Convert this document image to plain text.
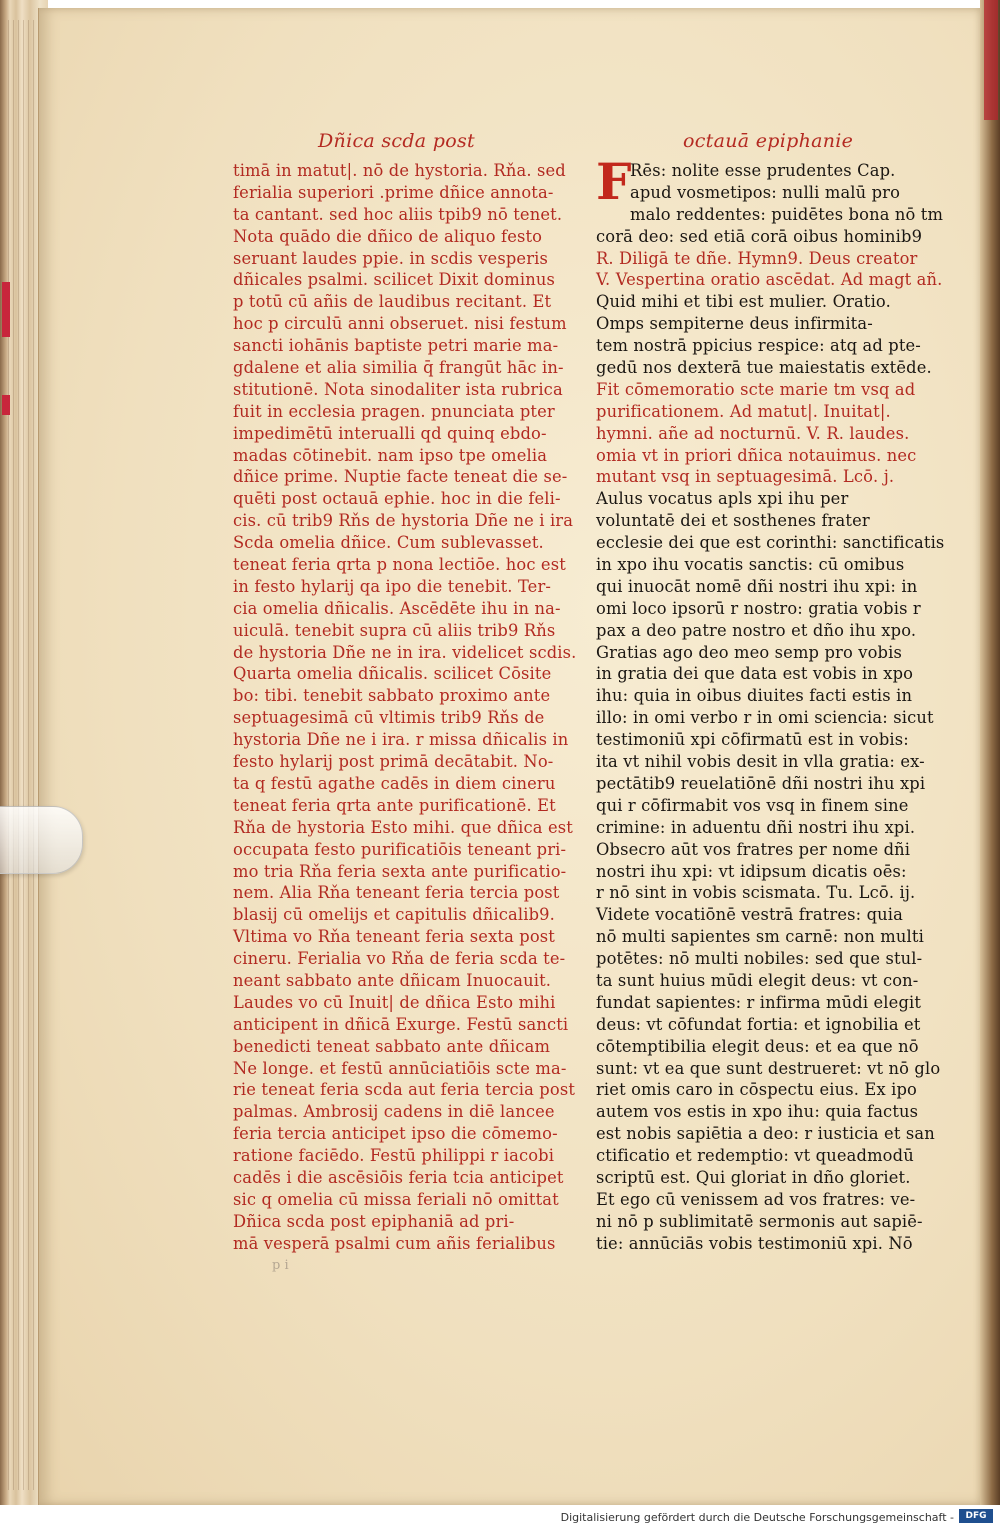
Dñica scda post	octauā epiphanie
timā in matut|. nō de hystoria. Rňa. sed
ferialia superiori .prime dñice annota-
ta cantant. sed hoc aliis tpib9 nō tenet.
Nota quādo die dñico de aliquo festo
seruant laudes ppie. in scdis vesperis
dñicales psalmi. scilicet Dixit dominus
p totū cū añis de laudibus recitant. Et
hoc p circulū anni obseruet. nisi festum
sancti iohānis baptiste petri marie ma-
gdalene et alia similia q̄ frangūt hāc in-
stitutionē. Nota sinodaliter ista rubrica
fuit in ecclesia pragen. pnunciata pter
impedimētū interualli qd quinq ebdo-
madas cōtinebit. nam ipso tpe omelia
dñice prime. Nuptie facte teneat die se-
quēti post octauā ephie. hoc in die feli-
cis. cū trib9 Rňs de hystoria Dñe ne i ira
Scda omelia dñice. Cum sublevasset.
teneat feria qrta p nona lectiōe. hoc est
in festo hylarij qa ipo die tenebit. Ter-
cia omelia dñicalis. Ascēdēte ihu in na-
uiculā. tenebit supra cū aliis trib9 Rňs
de hystoria Dñe ne in ira. videlicet scdis.
Quarta omelia dñicalis. scilicet Cōsite
bo: tibi. tenebit sabbato proximo ante
septuagesimā cū vltimis trib9 Rňs de
hystoria Dñe ne i ira. r missa dñicalis in
festo hylarij post primā decātabit. No-
ta q festū agathe cadēs in diem cineru
teneat feria qrta ante purificationē. Et
Rňa de hystoria Esto mihi. que dñica est
occupata festo purificatiōis teneant pri-
mo tria Rňa feria sexta ante purificatio-
nem. Alia Rňa teneant feria tercia post
blasij cū omelijs et capitulis dñicalib9.
Vltima vo Rňa teneant feria sexta post
cineru. Ferialia vo Rňa de feria scda te-
neant sabbato ante dñicam Inuocauit.
Laudes vo cū Inuit| de dñica Esto mihi
anticipent in dñicā Exurge. Festū sancti
benedicti teneat sabbato ante dñicam
Ne longe. et festū annūciatiōis scte ma-
rie teneat feria scda aut feria tercia post
palmas. Ambrosij cadens in diē lancee
feria tercia anticipet ipso die cōmemo-
ratione faciēdo. Festū philippi r iacobi
cadēs i die ascēsiōis feria tcia anticipet
sic q omelia cū missa feriali nō omittat
Dñica scda post epiphaniā ad pri-
mā vesperā psalmi cum añis ferialibus
F
Rēs: nolite esse prudentes Cap.
apud vosmetipos: nulli malū pro
malo reddentes: puidētes bona nō tm
corā deo: sed etiā corā oibus hominib9
R. Diligā te dñe. Hymn9. Deus creator
V. Vespertina oratio ascēdat. Ad magt añ.
Quid mihi et tibi est mulier. Oratio.
Omps sempiterne deus infirmita-
tem nostrā ppicius respice: atq ad pte-
gedū nos dexterā tue maiestatis extēde.
Fit cōmemoratio scte marie tm vsq ad
purificationem. Ad matut|. Inuitat|.
hymni. añe ad nocturnū. V. R. laudes.
omia vt in priori dñica notauimus. nec
mutant vsq in septuagesimā. Lcō. j.
Aulus vocatus apls xpi ihu per
voluntatē dei et sosthenes frater
ecclesie dei que est corinthi: sanctificatis
in xpo ihu vocatis sanctis: cū omibus
qui inuocāt nomē dñi nostri ihu xpi: in
omi loco ipsorū r nostro: gratia vobis r
pax a deo patre nostro et dño ihu xpo.
Gratias ago deo meo semp pro vobis
in gratia dei que data est vobis in xpo
ihu: quia in oibus diuites facti estis in
illo: in omi verbo r in omi sciencia: sicut
testimoniū xpi cōfirmatū est in vobis:
ita vt nihil vobis desit in vlla gratia: ex-
pectātib9 reuelatiōnē dñi nostri ihu xpi
qui r cōfirmabit vos vsq in finem sine
crimine: in aduentu dñi nostri ihu xpi.
Obsecro aūt vos fratres per nome dñi
nostri ihu xpi: vt idipsum dicatis oēs:
r nō sint in vobis scismata. Tu. Lcō. ij.
Videte vocatiōnē vestrā fratres: quia
nō multi sapientes sm carnē: non multi
potētes: nō multi nobiles: sed que stul-
ta sunt huius mūdi elegit deus: vt con-
fundat sapientes: r infirma mūdi elegit
deus: vt cōfundat fortia: et ignobilia et
cōtemptibilia elegit deus: et ea que nō
sunt: vt ea que sunt destrueret: vt nō glo
riet omis caro in cōspectu eius. Ex ipo
autem vos estis in xpo ihu: quia factus
est nobis sapiētia a deo: r iusticia et san
ctificatio et redemptio: vt queadmodū
scriptū est. Qui gloriat in dño gloriet.
Et ego cū venissem ad vos fratres: ve-
ni nō p sublimitatē sermonis aut sapiē-
tie: annūciās vobis testimoniū xpi. Nō
p i
Digitalisierung gefördert durch die Deutsche Forschungsgemeinschaft -	DFG
